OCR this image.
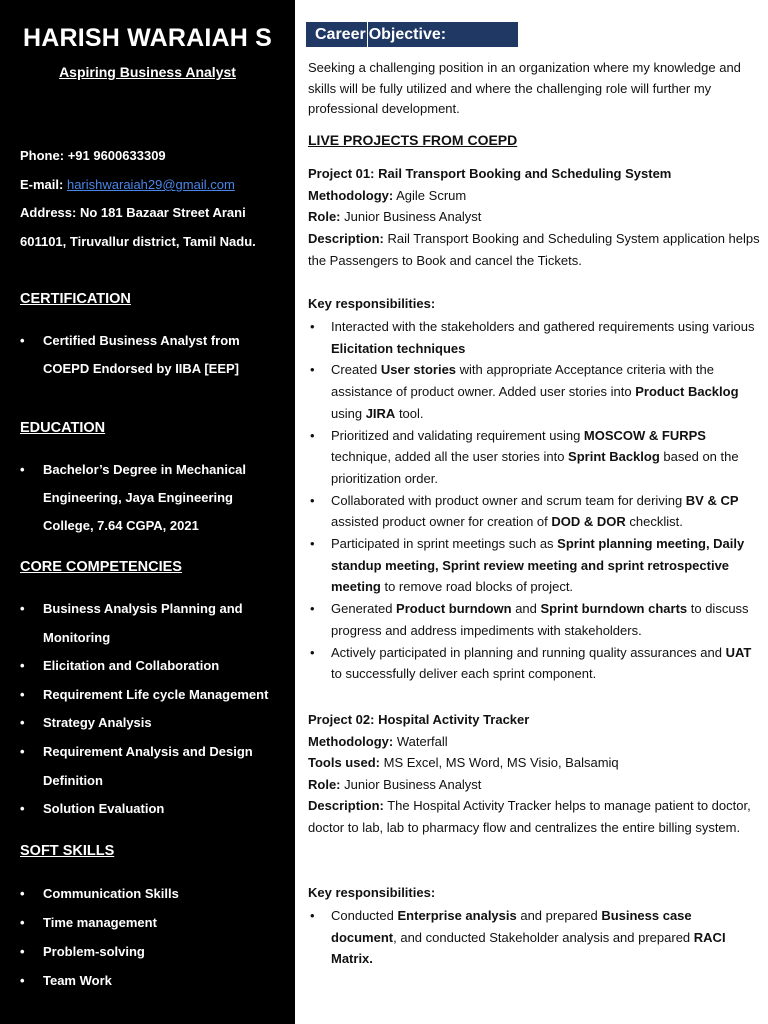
HARISH WARAIAH S
Aspiring Business Analyst
Phone: +91 9600633309
E-mail: harishwaraiah29@gmail.com
Address: No 181 Bazaar Street Arani
601101, Tiruvallur district, Tamil Nadu.
CERTIFICATION
• Certified Business Analyst from COEPD Endorsed by IIBA [EEP]
EDUCATION
• Bachelor’s Degree in Mechanical Engineering, Jaya Engineering College, 7.64 CGPA, 2021
CORE COMPETENCIES
• Business Analysis Planning and Monitoring
• Elicitation and Collaboration
• Requirement Life cycle Management
• Strategy Analysis
• Requirement Analysis and Design Definition
• Solution Evaluation
SOFT SKILLS
• Communication Skills
• Time management
• Problem-solving
• Team Work
Career Objective:
Seeking a challenging position in an organization where my knowledge and skills will be fully utilized and where the challenging role will further my professional development.
LIVE PROJECTS FROM COEPD
Project 01: Rail Transport Booking and Scheduling System
Methodology: Agile Scrum
Role: Junior Business Analyst
Description: Rail Transport Booking and Scheduling System application helps the Passengers to Book and cancel the Tickets.
Key responsibilities:
• Interacted with the stakeholders and gathered requirements using various Elicitation techniques
• Created User stories with appropriate Acceptance criteria with the assistance of product owner. Added user stories into Product Backlog using JIRA tool.
• Prioritized and validating requirement using MOSCOW & FURPS technique, added all the user stories into Sprint Backlog based on the prioritization order.
• Collaborated with product owner and scrum team for deriving BV & CP assisted product owner for creation of DOD & DOR checklist.
• Participated in sprint meetings such as Sprint planning meeting, Daily standup meeting, Sprint review meeting and sprint retrospective meeting to remove road blocks of project.
• Generated Product burndown and Sprint burndown charts to discuss progress and address impediments with stakeholders.
• Actively participated in planning and running quality assurances and UAT to successfully deliver each sprint component.
Project 02: Hospital Activity Tracker
Methodology: Waterfall
Tools used: MS Excel, MS Word, MS Visio, Balsamiq
Role: Junior Business Analyst
Description: The Hospital Activity Tracker helps to manage patient to doctor, doctor to lab, lab to pharmacy flow and centralizes the entire billing system.
Key responsibilities:
• Conducted Enterprise analysis and prepared Business case document, and conducted Stakeholder analysis and prepared RACI Matrix.
